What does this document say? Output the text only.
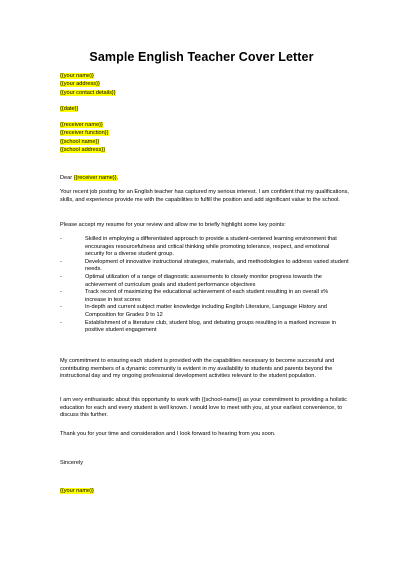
Sample English Teacher Cover Letter
{{your name}}
{{your address}}
{{your contact details}}
{{date}}
{{receiver name}}
{{receiver function}}
{{school name}}
{{school address}}
Dear {{receiver name}},
Your recent job posting for an English teacher has captured my serious interest. I am confident that my qualifications, skills, and experience provide me with the capabilities to fulfill the position and add significant value to the school.
Please accept my resume for your review and allow me to briefly highlight some key points:
-	Skilled in employing a differentiated approach to provide a student-centered learning environment that encourages resourcefulness and critical thinking while promoting tolerance, respect, and emotional security for a diverse student group.
-	Development of innovative instructional strategies, materials, and methodologies to address varied student needs.
-	Optimal utilization of a range of diagnostic assessments to closely monitor progress towards the achievement of curriculum goals and student performance objectives
-	Track record of maximizing the educational achievement of each student resulting in an overall x% increase in test scores
-	In-depth and current subject matter knowledge including English Literature, Language History and Composition for Grades 9 to 12
-	Establishment of a literature club, student blog, and debating groups resulting in a marked increase in positive student engagement
My commitment to ensuring each student is provided with the capabilities necessary to become successful and contributing members of a dynamic community is evident in my availability to students and parents beyond the instructional day and my ongoing professional development activities relevant to the student population.
I am very enthusiastic about this opportunity to work with {{school-name}} as your commitment to providing a holistic education for each and every student is well known. I would love to meet with you, at your earliest convenience, to discuss this further.
Thank you for your time and consideration and I look forward to hearing from you soon.
Sincerely
{{your name}}
